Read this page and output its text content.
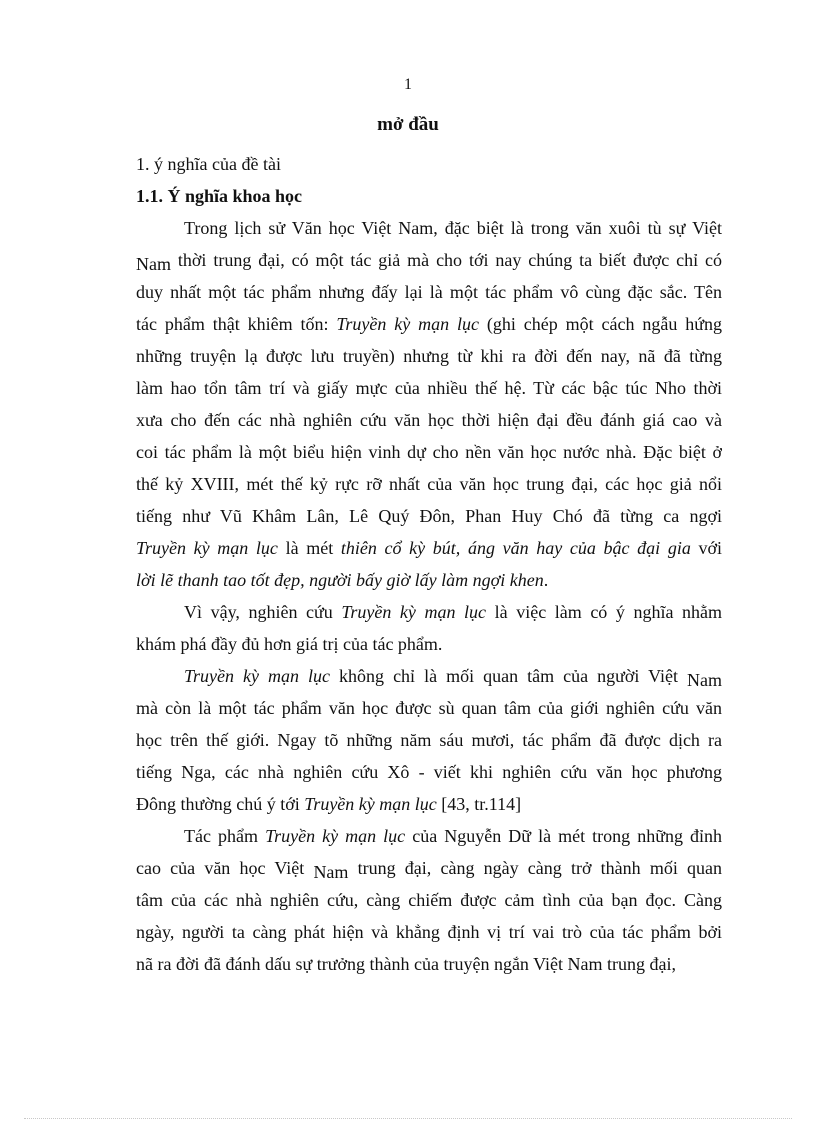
1
mở đầu
1. ý nghĩa của đề tài
1.1. Ý nghĩa khoa học
Trong lịch sử Văn học Việt Nam, đặc biệt là trong văn xuôi tù sự Việt
Nam thời trung đại, có một tác giả mà cho tới nay chúng ta biết được chỉ có
duy nhất một tác phẩm nhưng đấy lại là một tác phẩm vô cùng đặc sắc. Tên
tác phẩm thật khiêm tốn: Truyền kỳ mạn lục (ghi chép một cách ngẫu hứng
những truyện lạ được lưu truyền) nhưng từ khi ra đời đến nay, nã đã từng
làm hao tổn tâm trí và giấy mực của nhiều thế hệ. Từ các bậc túc Nho thời
xưa cho đến các nhà nghiên cứu văn học thời hiện đại đều đánh giá cao và
coi tác phẩm là một biểu hiện vinh dự cho nền văn học nước nhà. Đặc biệt ở
thế kỷ XVIII, mét thế kỷ rực rỡ nhất của văn học trung đại, các học giả nổi
tiếng như Vũ Khâm Lân, Lê Quý Đôn, Phan Huy Chó đã từng ca ngợi
Truyền kỳ mạn lục là mét thiên cổ kỳ bút, áng văn hay của bậc đại gia với
lời lẽ thanh tao tốt đẹp, người bấy giờ lấy làm ngợi khen.
Vì vậy, nghiên cứu Truyền kỳ mạn lục là việc làm có ý nghĩa nhằm
khám phá đầy đủ hơn giá trị của tác phẩm.
Truyền kỳ mạn lục không chỉ là mối quan tâm của người Việt Nam
mà còn là một tác phẩm văn học được sù quan tâm của giới nghiên cứu văn
học trên thế giới. Ngay tõ những năm sáu mươi, tác phẩm đã được dịch ra
tiếng Nga, các nhà nghiên cứu Xô - viết khi nghiên cứu văn học phương
Đông thường chú ý tới Truyền kỳ mạn lục [43, tr.114]
Tác phẩm Truyền kỳ mạn lục của Nguyễn Dữ là mét trong những đỉnh
cao của văn học Việt Nam trung đại, càng ngày càng trở thành mối quan
tâm của các nhà nghiên cứu, càng chiếm được cảm tình của bạn đọc. Càng
ngày, người ta càng phát hiện và khẳng định vị trí vai trò của tác phẩm bởi
nã ra đời đã đánh dấu sự trưởng thành của truyện ngắn Việt Nam trung đại,
